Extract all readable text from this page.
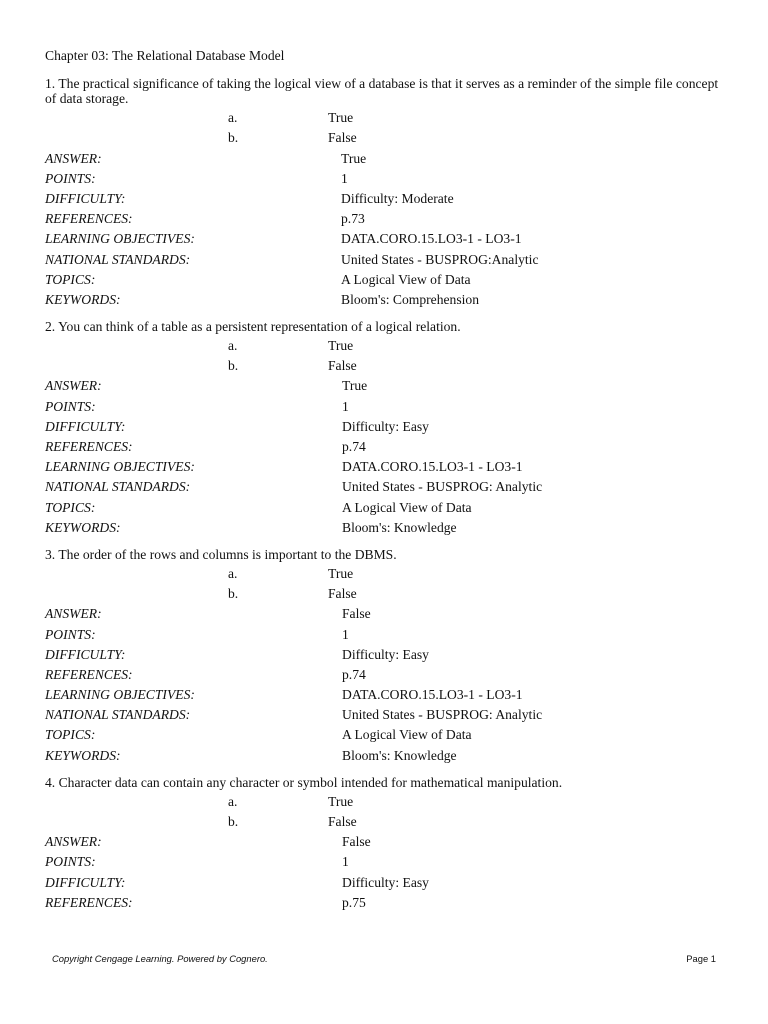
Chapter 03: The Relational Database Model

1. The practical significance of taking the logical view of a database is that it serves as a reminder of the simple file concept of data storage.

a.	True
b.	False
ANSWER:	True
POINTS:	1
DIFFICULTY:	Difficulty: Moderate
REFERENCES:	p.73
LEARNING OBJECTIVES:	DATA.CORO.15.LO3-1 - LO3-1
NATIONAL STANDARDS:	United States - BUSPROG:Analytic
TOPICS:	A Logical View of Data
KEYWORDS:	Bloom's: Comprehension

2. You can think of a table as a persistent representation of a logical relation.

a.	True
b.	False
ANSWER:	True
POINTS:	1
DIFFICULTY:	Difficulty: Easy
REFERENCES:	p.74
LEARNING OBJECTIVES:	DATA.CORO.15.LO3-1 - LO3-1
NATIONAL STANDARDS:	United States - BUSPROG: Analytic
TOPICS:	A Logical View of Data
KEYWORDS:	Bloom's: Knowledge

3. The order of the rows and columns is important to the DBMS.

a.	True
b.	False
ANSWER:	False
POINTS:	1
DIFFICULTY:	Difficulty: Easy
REFERENCES:	p.74
LEARNING OBJECTIVES:	DATA.CORO.15.LO3-1 - LO3-1
NATIONAL STANDARDS:	United States - BUSPROG: Analytic
TOPICS:	A Logical View of Data
KEYWORDS:	Bloom's: Knowledge

4. Character data can contain any character or symbol intended for mathematical manipulation.

a.	True
b.	False
ANSWER:	False
POINTS:	1
DIFFICULTY:	Difficulty: Easy
REFERENCES:	p.75
Copyright Cengage Learning. Powered by Cognero.	Page 1
